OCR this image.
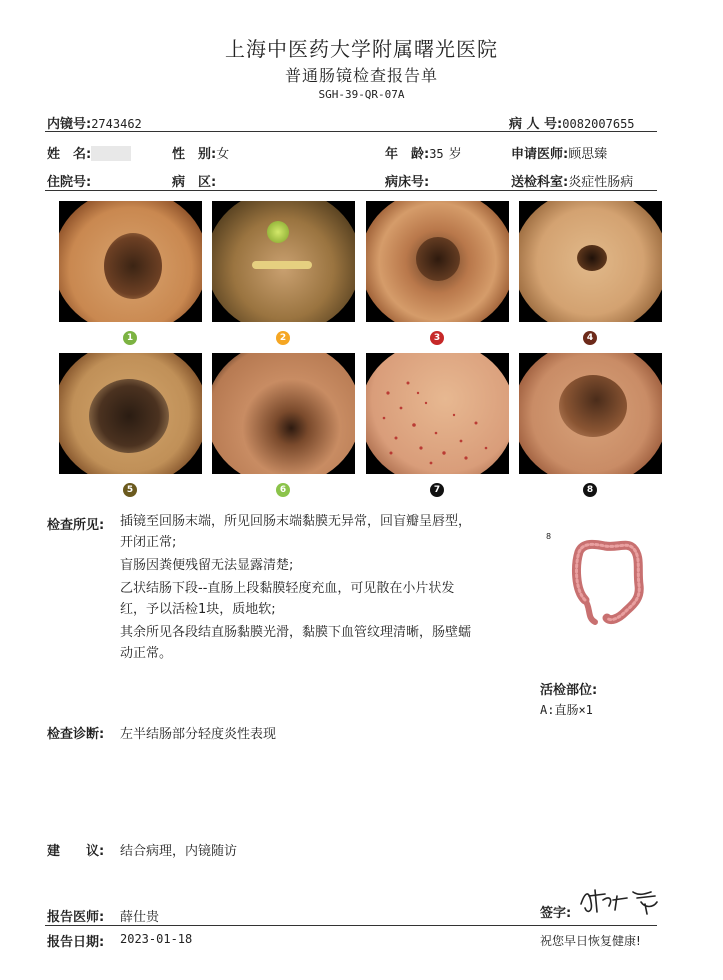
上海中医药大学附属曙光医院
普通肠镜检查报告单
SGH-39-QR-07A
内镜号:2743462	病 人 号:0082007655
姓　名:	性　别:女	年　龄:35 岁	申请医师:顾思臻
住院号:	病　区:	病床号:	送检科室:炎症性肠病
1	2	3	4
5	6	7	8
检查所见: 插镜至回肠末端，所见回肠末端黏膜无异常，回盲瓣呈唇型，
开闭正常;
盲肠因粪便残留无法显露清楚;
乙状结肠下段--直肠上段黏膜轻度充血，可见散在小片状发
红，予以活检1块，质地软;
其余所见各段结直肠黏膜光滑，黏膜下血管纹理清晰，肠壁蠕
动正常。
8
活检部位:
A:直肠×1
检查诊断: 左半结肠部分轻度炎性表现
建　　议: 结合病理，内镜随访
报告医师: 薛仕贵	签字:
报告日期: 2023-01-18	祝您早日恢复健康!
